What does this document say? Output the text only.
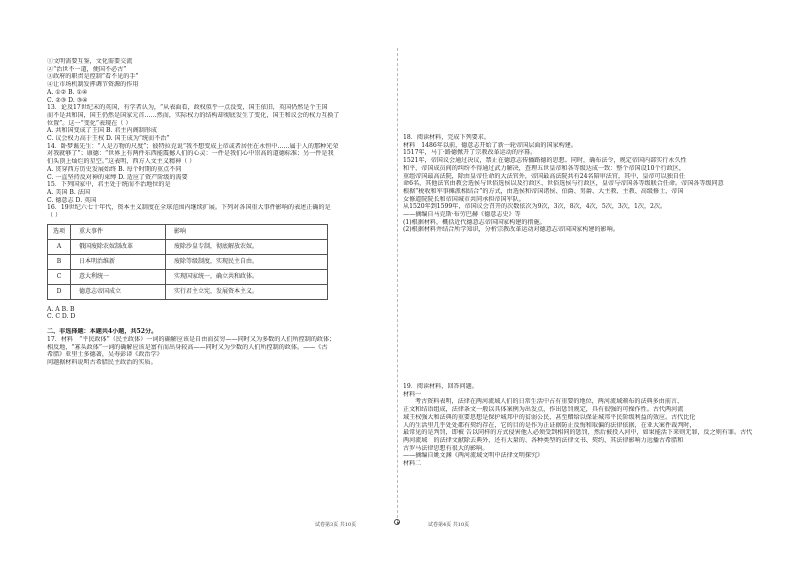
①文明需要互鉴，文化需要交流
②“治世不一道，便国不必古”
③政府的职责是控制“看不见的手”
④让市场机制发挥调节资源的作用
A. ①② B. ①④
C. ②③ D. ③④
13．论及17世纪末的英国，有学者认为，“从表面看，政权似乎一点没变，国王依旧，英国仍然是个王国
而不是共和国，国王仍然是国家元首……然而，实际权力的结构却彻底发生了变化，国王和议会的权力互换了
位置”。这一“变化”表现在（ ）
A. 共和国变成了王国 B. 君主内阁制形成
C. 议会权力高于王权 D. 国王成为“统而不治”
14．卧梦谯先生：“人是万物的尺度”；彼特拉克说“我不想变成上帝或者居住在永恒中……属于人的那种光荣
对我就够了”；康德：“世界上有两件东西能震撼人们的心灵：一件是我们心中崇高的道德标准；另一件是我
们头顶上灿烂的星空。”这表明，西方人文主义精神（ ）
A. 贯穿西方历史发展始终 B. 每个时期的重点不同
C. 一直坚持反对神的束缚 D. 适应了资产阶级的需要
15．下列国家中，君主处于统而不治地位的是
A. 美国 B. 法国
C. 德意志 D. 英国
16．19世纪六七十年代，资本主义制度在全球范围内继续扩展。下列对各国重大事件影响的表述正确的是
（ ）
选项	重大事件	影响
A	俄国废除农奴制改革	废除沙皇专制，彻底解放农奴。
B	日本明治维新	废除等级制度，实现民主自由。
C	意大利统一	实现国家统一，确立共和政体。
D	德意志帝国成立	实行君主立宪，发展资本主义。
A. A B. B
C. C D. D
二、非选择题：本题共4小题，共52分。
17．材料　“平民政体”（民主政体）一词的确解应该是自由而贫穷——同时又为多数的人们所控制的政体；
相反地，“寡头政体”一词的确解应该是富有而出身较高——同时又为少数的人们所控制的政体。——《古
希腊》亚里士多德著，吴寿彭译《政治学》
问题据材料说明古希腊民主政治的实质。
18．阅读材料，完成下列要求。
材料　1486年以前，德意志开始了新一轮帝国层面的国家构建。
1517年，马丁·路德掀开了宗教改革运动的序幕。
1521年，帝国议会通过决议，禁止在德意志传播路德的思想。同时，确布法令，规定帝国内部实行永久性
和平，帝国成员间的纠纷不得通过武力解决，查理五世皇帝和各等级达成一致：整个帝国设10个行政区，
重组帝国最高法院，除由皇帝任命的大法官外，帝国最高法院共有24名陪审法官，其中，皇帝可以独自任
命6名，其他法官由教会选侯与世俗选侯以及行政区、世俗选侯与行政区，皇帝与帝国各等级联合任命。帝国各等级同意
根据“税收和军事摊派相结合”的方式，由选侯和帝国诸侯、伯爵、男爵、大主教、主教、高级修士，帝国
女修道院院长和帝国城市共同承担帝国军队。
从1520年到1599年，帝国议会召开的次数依次为9次，3次，8次，4次，5次，3次，1次，2次。
——摘编自马克斯·布劳巴赫《德意志史》等
(1)根据材料，概括近代德意志帝国国家构建的措施。
(2)根据材料并结合所学知识，分析宗教改革运动对德意志帝国国家构建的影响。
19．阅读材料，回答问题。
材料一
考古资料表明，法律在两河流域人们的日常生活中占有重要的地位，两河流域颁布的法典多由前言、
正文和结语组成，法律条文一般以具体案例为出发点，作出惩罚规定，具有很强的可操作性。古代两河流
域王权强大和法典的重要思想是保护城邦中的贫弱公民，甚至赠给以保证城邦平民阶级利益的效应。古代比伦
人的生活里几乎处处都有契约存在，它的目的是作为正证据防止反悔和取偏的法律依据，在亚大案件裁判时，
最常见的是判罚，即被 告以同样的方式侵害他人必须受到相同的惩罚，然后被投入河中，如果能活下来则无罪，反之则有罪。古代
两河流域　的法律文献除去典外，还有大量的、各种类型的法律文书、契约，其法律影响力远播古希腊和
古罗马法律思想有很大的影响。
——摘编自姚文渊《两河流域文明中法律文明探究》
材料二
试卷第3页 共10页	试卷第4页 共10页
